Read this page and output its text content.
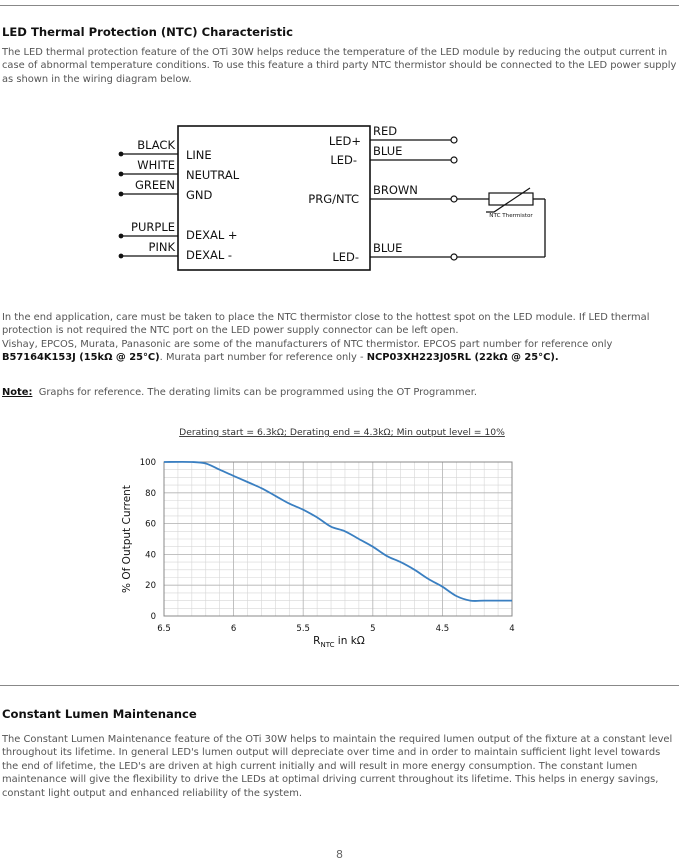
LED Thermal Protection (NTC) Characteristic
The LED thermal protection feature of the OTi 30W helps reduce the temperature of the LED module by reducing the output current in case of abnormal temperature conditions. To use this feature a third party NTC thermistor should be connected to the LED power supply as shown in the wiring diagram below.
NTC Thermistor
BLACK
WHITE
GREEN
PURPLE
PINK
LINE
NEUTRAL
GND
DEXAL +
DEXAL -
LED+
LED-
PRG/NTC
LED-
RED
BLUE
BROWN
BLUE
In the end application, care must be taken to place the NTC thermistor close to the hottest spot on the LED module. If LED thermal protection is not required the NTC port on the LED power supply connector can be left open.
Vishay, EPCOS, Murata, Panasonic are some of the manufacturers of NTC thermistor. EPCOS part number for reference only
B57164K153J (15kΩ @ 25°C). Murata part number for reference only - NCP03XH223J05RL (22kΩ @ 25°C).
Note: Graphs for reference. The derating limits can be programmed using the OT Programmer.
Derating start = 6.3kΩ; Derating end = 4.3kΩ; Min output level = 10%
0
20
40
60
80
100
6.5	6	5.5	5	4.5	4
% Of Output Current
$R_{NTC}$ in kΩ
Constant Lumen Maintenance
The Constant Lumen Maintenance feature of the OTi 30W helps to maintain the required lumen output of the fixture at a constant level throughout its lifetime. In general LED's lumen output will depreciate over time and in order to maintain sufficient light level towards the end of lifetime, the LED's are driven at high current initially and will result in more energy consumption. The constant lumen maintenance will give the flexibility to drive the LEDs at optimal driving current throughout its lifetime. This helps in energy savings, constant light output and enhanced reliability of the system.
8
